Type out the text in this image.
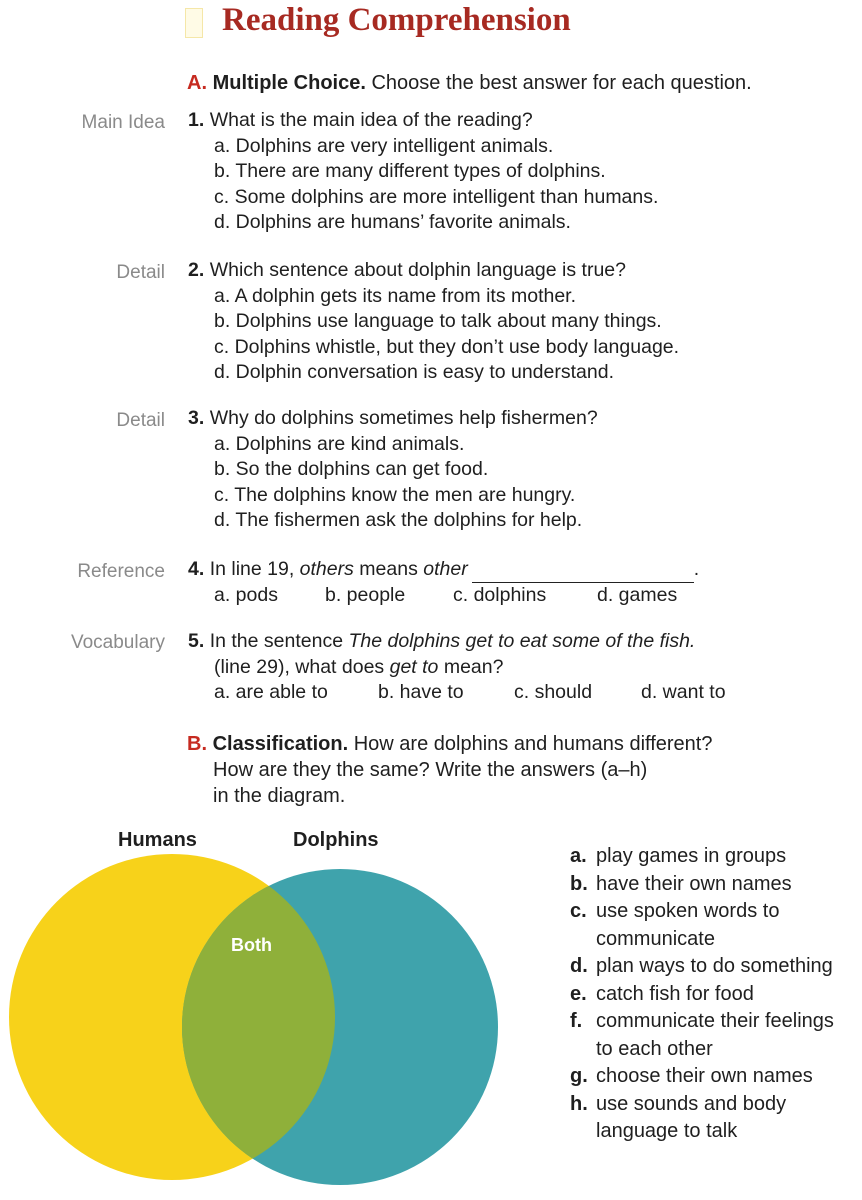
Reading Comprehension
A. Multiple Choice. Choose the best answer for each question.
Main Idea 1. What is the main idea of the reading?
a. Dolphins are very intelligent animals.
b. There are many different types of dolphins.
c. Some dolphins are more intelligent than humans.
d. Dolphins are humans’ favorite animals.
Detail 2. Which sentence about dolphin language is true?
a. A dolphin gets its name from its mother.
b. Dolphins use language to talk about many things.
c. Dolphins whistle, but they don’t use body language.
d. Dolphin conversation is easy to understand.
Detail 3. Why do dolphins sometimes help fishermen?
a. Dolphins are kind animals.
b. So the dolphins can get food.
c. The dolphins know the men are hungry.
d. The fishermen ask the dolphins for help.
Reference 4. In line 19, others means other	.
a. pods	b. people	c. dolphins	d. games
Vocabulary 5. In the sentence The dolphins get to eat some of the fish.
(line 29), what does get to mean?
a. are able to	b. have to	c. should	d. want to
B. Classification. How are dolphins and humans different?
How are they the same? Write the answers (a–h)
in the diagram.
Humans	Dolphins
Both
a. play games in groups
b. have their own names
c. use spoken words to
communicate
d. plan ways to do something
e. catch fish for food
f. communicate their feelings
to each other
g. choose their own names
h. use sounds and body
language to talk
